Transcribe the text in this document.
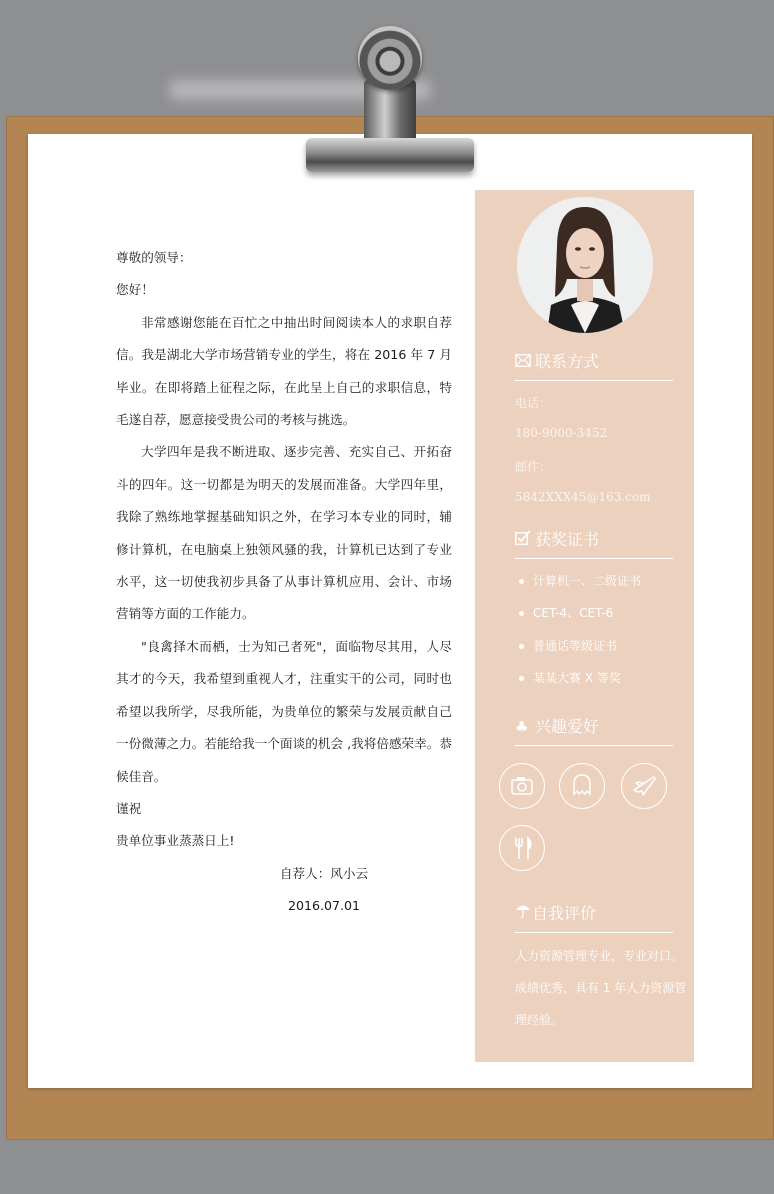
尊敬的领导：

您好！

非常感谢您能在百忙之中抽出时间阅读本人的求职自荐信。我是湖北大学市场营销专业的学生，将在 2016 年 7 月毕业。在即将踏上征程之际，在此呈上自己的求职信息，特毛遂自荐，愿意接受贵公司的考核与挑选。

大学四年是我不断进取、逐步完善、充实自己、开拓奋斗的四年。这一切都是为明天的发展而准备。大学四年里，我除了熟练地掌握基础知识之外，在学习本专业的同时，辅修计算机，在电脑桌上独领风骚的我，计算机已达到了专业水平，这一切使我初步具备了从事计算机应用、会计、市场营销等方面的工作能力。

"良禽择木而栖，士为知己者死"，面临物尽其用，人尽其才的今天，我希望到重视人才，注重实干的公司，同时也希望以我所学，尽我所能，为贵单位的繁荣与发展贡献自己一份微薄之力。若能给我一个面谈的机会 ,我将倍感荣幸。恭候佳音。

谨祝

贵单位事业蒸蒸日上!

自荐人：风小云

2016.07.01

联系方式
电话：
180-9000-3452
邮件：
5842XXX45@163.com
获奖证书
计算机一、二级证书
CET-4、CET-6
普通话等级证书
某某大赛 X 等奖
♣ 兴趣爱好
自我评价
人力资源管理专业，专业对口。成绩优秀，具有 1 年人力资源管理经验。
